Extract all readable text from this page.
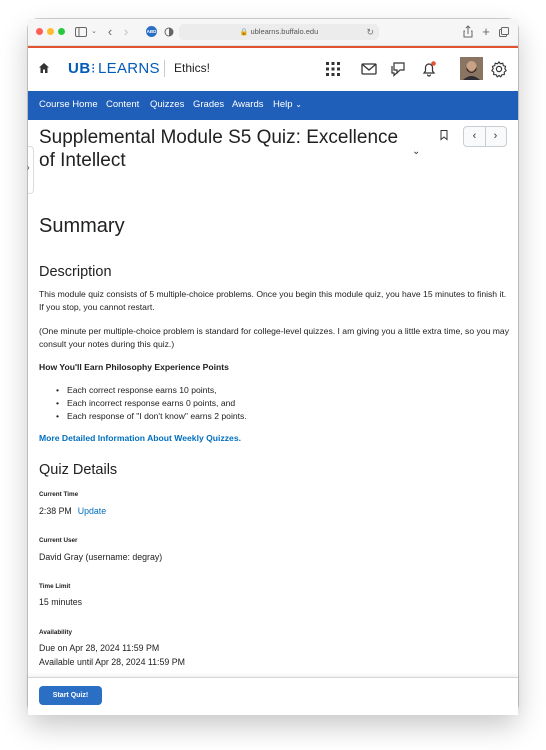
⌄ ‹ ›	ABD	🔒 ublearns.buffalo.edu	↻	+
UB ⁝ LEARNS Ethics!
Course Home Content Quizzes Grades Awards Help ⌄
›
Supplemental Module S5 Quiz: Excellence of Intellect	⌄
‹	›
Summary
Description

This module quiz consists of 5 multiple-choice problems. Once you begin this module quiz, you have 15 minutes to finish it. If you stop, you cannot restart.

(One minute per multiple-choice problem is standard for college-level quizzes. I am giving you a little extra time, so you may consult your notes during this quiz.)

How You'll Earn Philosophy Experience Points

• Each correct response earns 10 points,
• Each incorrect response earns 0 points, and
• Each response of "I don't know" earns 2 points.
More Detailed Information About Weekly Quizzes.
Quiz Details
Current Time
2:38 PM Update
Current User
David Gray (username: degray)
Time Limit
15 minutes
Availability
Due on Apr 28, 2024 11:59 PM
Available until Apr 28, 2024 11:59 PM
Start Quiz!
